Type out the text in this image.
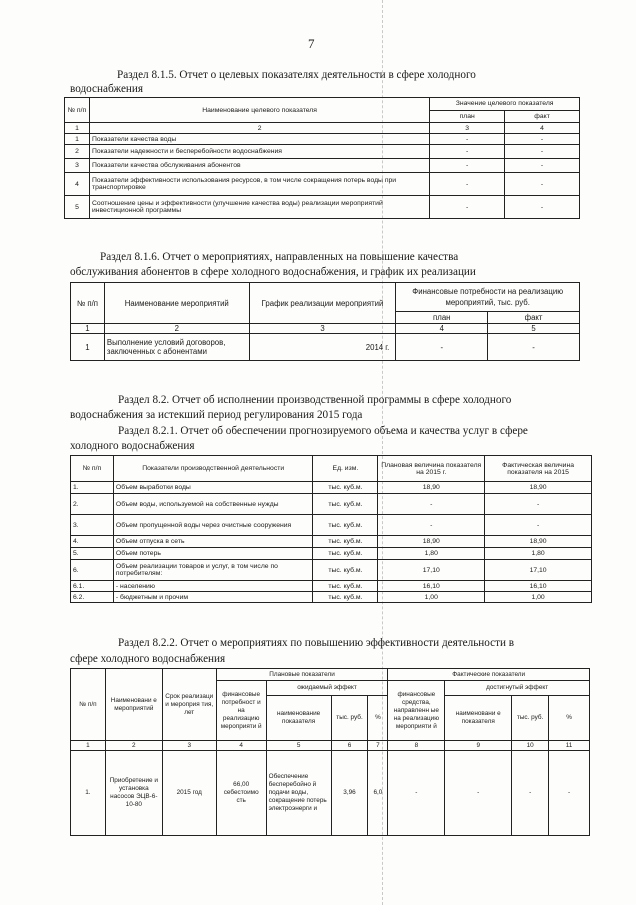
7
Раздел 8.1.5. Отчет о целевых показателях деятельности в сфере холодного
водоснабжения
№ п/п	Наименование целевого показателя	Значение целевого показателя	
		план	факт
1	2	3	4
1	Показатели качества воды	-	-
2	Показатели надежности и бесперебойности водоснабжения	-	-
3	Показатели качества обслуживания абонентов	-	-
4	Показатели эффективности использования ресурсов, в том числе сокращения потерь воды при транспортировке	-	-
5	Соотношение цены и эффективности (улучшение качества воды) реализации мероприятий инвестиционной программы	-	-
Раздел 8.1.6. Отчет о мероприятиях, направленных на повышение качества
обслуживания абонентов в сфере холодного водоснабжения, и график их реализации
№ п/п	Наименование мероприятий	График реализации мероприятий	Финансовые потребности на реализацию мероприятий, тыс. руб.	
			план	факт
1	2	3	4	5
1	Выполнение условий договоров, заключенных с абонентами	2014 г.	-	-
Раздел 8.2. Отчет об исполнении производственной программы в сфере холодного
водоснабжения за истекший период регулирования 2015 года
Раздел 8.2.1. Отчет об обеспечении прогнозируемого объема и качества услуг в сфере
холодного водоснабжения
№ п/п	Показатели производственной деятельности	Ед. изм.	Плановая величина показателя на 2015 г.	Фактическая величина показателя на 2015
1.	Объем выработки воды	тыс. куб.м.	18,90	18,90
2.	Объем воды, используемой на собственные нужды	тыс. куб.м.	-	-
3.	Объем пропущенной воды через очистные сооружения	тыс. куб.м.	-	-
4.	Объем отпуска в сеть	тыс. куб.м.	18,90	18,90
5.	Объем потерь	тыс. куб.м.	1,80	1,80
6.	Объем реализации товаров и услуг, в том числе по потребителям:	тыс. куб.м.	17,10	17,10
6.1.	- населению	тыс. куб.м.	16,10	16,10
6.2.	- бюджетным и прочим	тыс. куб.м.	1,00	1,00
Раздел 8.2.2. Отчет о мероприятиях по повышению эффективности деятельности в
сфере холодного водоснабжения
№ п/п	Наименовани е мероприятий	Срок реализаци и мероприя тия, лет	Плановые показатели				Фактические показатели			
			финансовые потребност и на реализацию мероприяти й	ожидаемый эффект			финансовые средства, направленн ые на реализацию мероприяти й	достигнутый эффект		
				наименование показателя	тыс. руб.	%		наименовани е показателя	тыс. руб.	%
1	2	3	4	5	6	7	8	9	10	11
1.	Приобретение и установка насосов ЭЦВ-6-10-80	2015 год	66,00 себестоимо сть	Обеспечение бесперебойно й подачи воды, сокращение потерь электроэнерги и	3,96	6,0	-	-	-	-
